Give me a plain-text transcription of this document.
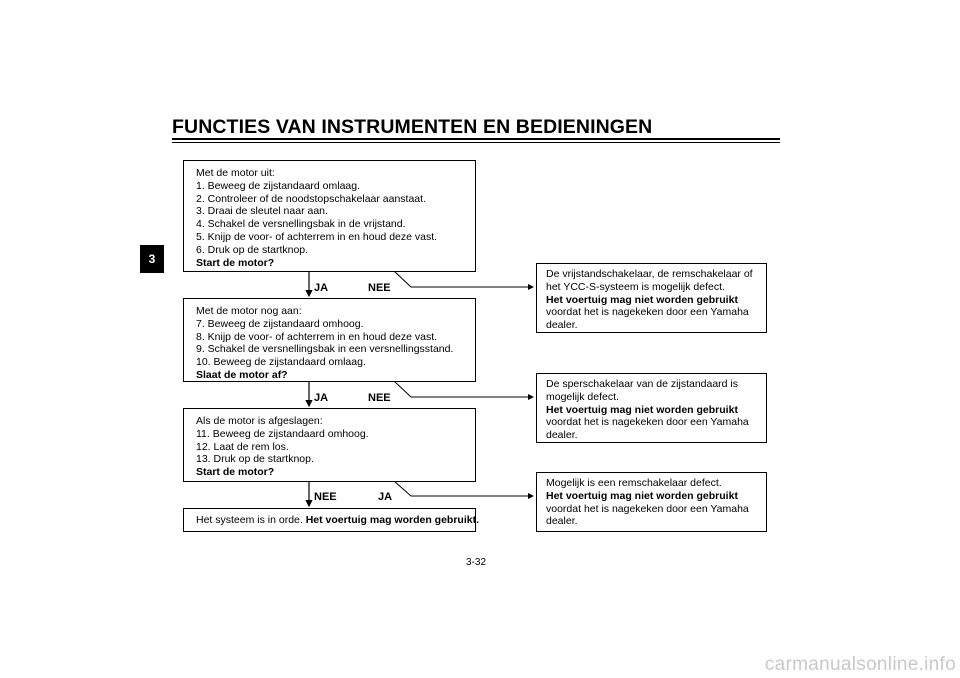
FUNCTIES VAN INSTRUMENTEN EN BEDIENINGEN
3
Met de motor uit:
1. Beweeg de zijstandaard omlaag.
2. Controleer of de noodstopschakelaar aanstaat.
3. Draai de sleutel naar aan.
4. Schakel de versnellingsbak in de vrijstand.
5. Knijp de voor- of achterrem in en houd deze vast.
6. Druk op de startknop.
Start de motor?
JA	NEE
Met de motor nog aan:
7. Beweeg de zijstandaard omhoog.
8. Knijp de voor- of achterrem in en houd deze vast.
9. Schakel de versnellingsbak in een versnellingsstand.
10. Beweeg de zijstandaard omlaag.
Slaat de motor af?
JA	NEE
Als de motor is afgeslagen:
11. Beweeg de zijstandaard omhoog.
12. Laat de rem los.
13. Druk op de startknop.
Start de motor?
NEE	JA
Het systeem is in orde. Het voertuig mag worden gebruikt.
De vrijstandschakelaar, de remschakelaar of
het YCC-S-systeem is mogelijk defect.
Het voertuig mag niet worden gebruikt
voordat het is nagekeken door een Yamaha
dealer.
De sperschakelaar van de zijstandaard is
mogelijk defect.
Het voertuig mag niet worden gebruikt
voordat het is nagekeken door een Yamaha
dealer.
Mogelijk is een remschakelaar defect.
Het voertuig mag niet worden gebruikt
voordat het is nagekeken door een Yamaha
dealer.
3-32
carmanualsonline.info
